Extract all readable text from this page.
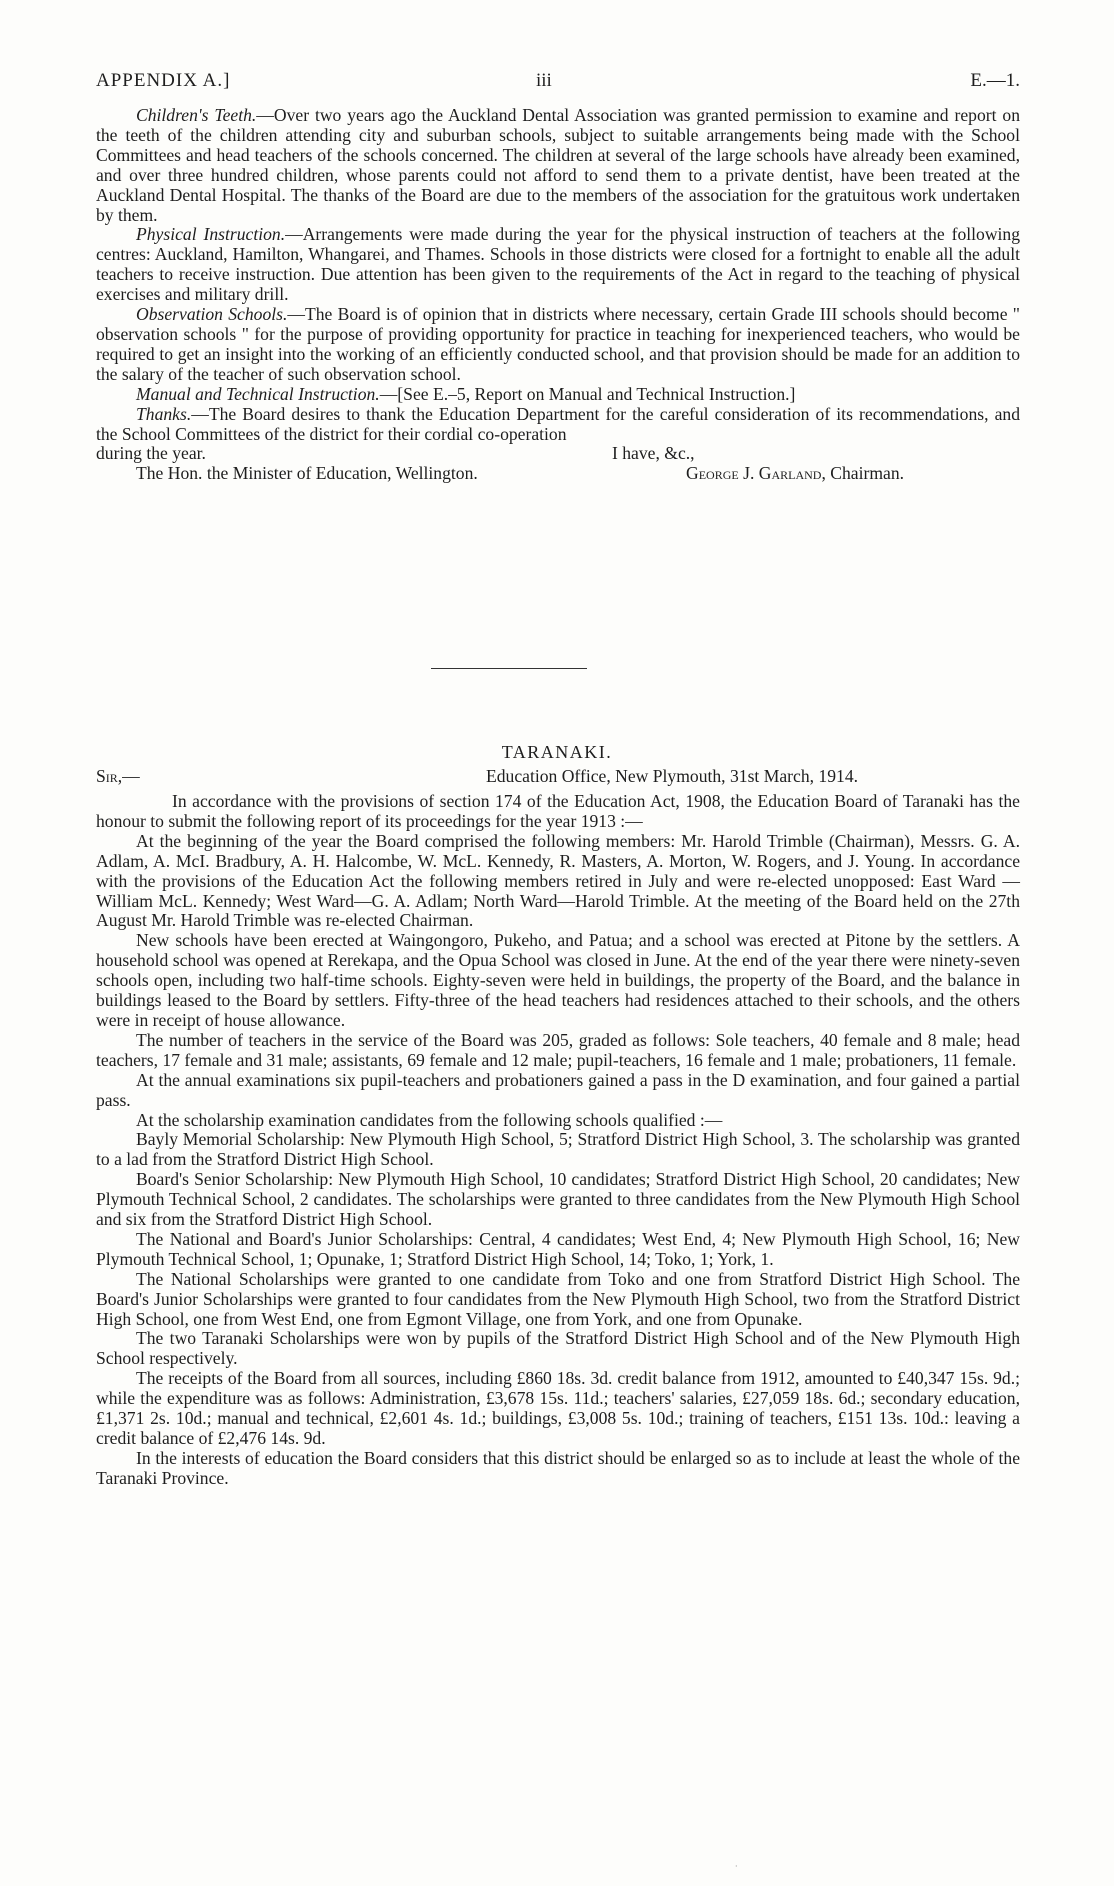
APPENDIX A.]	iii	E.—1.

Children's Teeth.—Over two years ago the Auckland Dental Association was granted permission to examine and report on the teeth of the children attending city and suburban schools, subject to suitable arrangements being made with the School Committees and head teachers of the schools concerned. The children at several of the large schools have already been examined, and over three hundred children, whose parents could not afford to send them to a private dentist, have been treated at the Auckland Dental Hospital. The thanks of the Board are due to the members of the association for the gratuitous work undertaken by them.

Physical Instruction.—Arrangements were made during the year for the physical instruction of teachers at the following centres: Auckland, Hamilton, Whangarei, and Thames. Schools in those districts were closed for a fortnight to enable all the adult teachers to receive instruction. Due attention has been given to the requirements of the Act in regard to the teaching of physical exercises and military drill.

Observation Schools.—The Board is of opinion that in districts where necessary, certain Grade III schools should become " observation schools " for the purpose of providing opportunity for practice in teaching for inexperienced teachers, who would be required to get an insight into the working of an efficiently conducted school, and that provision should be made for an addition to the salary of the teacher of such observation school.

Manual and Technical Instruction.—[See E.–5, Report on Manual and Technical Instruction.]

Thanks.—The Board desires to thank the Education Department for the careful consideration of its recommendations, and the School Committees of the district for their cordial co-operation

during the year.	I have, &c.,
The Hon. the Minister of Education, Wellington.	George J. Garland, Chairman.
TARANAKI.
Sir,—	Education Office, New Plymouth, 31st March, 1914.

In accordance with the provisions of section 174 of the Education Act, 1908, the Education Board of Taranaki has the honour to submit the following report of its proceedings for the year 1913 :—

At the beginning of the year the Board comprised the following members: Mr. Harold Trimble (Chairman), Messrs. G. A. Adlam, A. McI. Bradbury, A. H. Halcombe, W. McL. Kennedy, R. Masters, A. Morton, W. Rogers, and J. Young. In accordance with the provisions of the Education Act the following members retired in July and were re-elected unopposed: East Ward —William McL. Kennedy; West Ward—G. A. Adlam; North Ward—Harold Trimble. At the meeting of the Board held on the 27th August Mr. Harold Trimble was re-elected Chairman.

New schools have been erected at Waingongoro, Pukeho, and Patua; and a school was erected at Pitone by the settlers. A household school was opened at Rerekapa, and the Opua School was closed in June. At the end of the year there were ninety-seven schools open, including two half-time schools. Eighty-seven were held in buildings, the property of the Board, and the balance in buildings leased to the Board by settlers. Fifty-three of the head teachers had residences attached to their schools, and the others were in receipt of house allowance.

The number of teachers in the service of the Board was 205, graded as follows: Sole teachers, 40 female and 8 male; head teachers, 17 female and 31 male; assistants, 69 female and 12 male; pupil-teachers, 16 female and 1 male; probationers, 11 female.

At the annual examinations six pupil-teachers and probationers gained a pass in the D examination, and four gained a partial pass.

At the scholarship examination candidates from the following schools qualified :—

Bayly Memorial Scholarship: New Plymouth High School, 5; Stratford District High School, 3. The scholarship was granted to a lad from the Stratford District High School.

Board's Senior Scholarship: New Plymouth High School, 10 candidates; Stratford District High School, 20 candidates; New Plymouth Technical School, 2 candidates. The scholarships were granted to three candidates from the New Plymouth High School and six from the Stratford District High School.

The National and Board's Junior Scholarships: Central, 4 candidates; West End, 4; New Plymouth High School, 16; New Plymouth Technical School, 1; Opunake, 1; Stratford District High School, 14; Toko, 1; York, 1.

The National Scholarships were granted to one candidate from Toko and one from Stratford District High School. The Board's Junior Scholarships were granted to four candidates from the New Plymouth High School, two from the Stratford District High School, one from West End, one from Egmont Village, one from York, and one from Opunake.

The two Taranaki Scholarships were won by pupils of the Stratford District High School and of the New Plymouth High School respectively.

The receipts of the Board from all sources, including £860 18s. 3d. credit balance from 1912, amounted to £40,347 15s. 9d.; while the expenditure was as follows: Administration, £3,678 15s. 11d.; teachers' salaries, £27,059 18s. 6d.; secondary education, £1,371 2s. 10d.; manual and technical, £2,601 4s. 1d.; buildings, £3,008 5s. 10d.; training of teachers, £151 13s. 10d.: leaving a credit balance of £2,476 14s. 9d.

In the interests of education the Board considers that this district should be enlarged so as to include at least the whole of the Taranaki Province.

·
